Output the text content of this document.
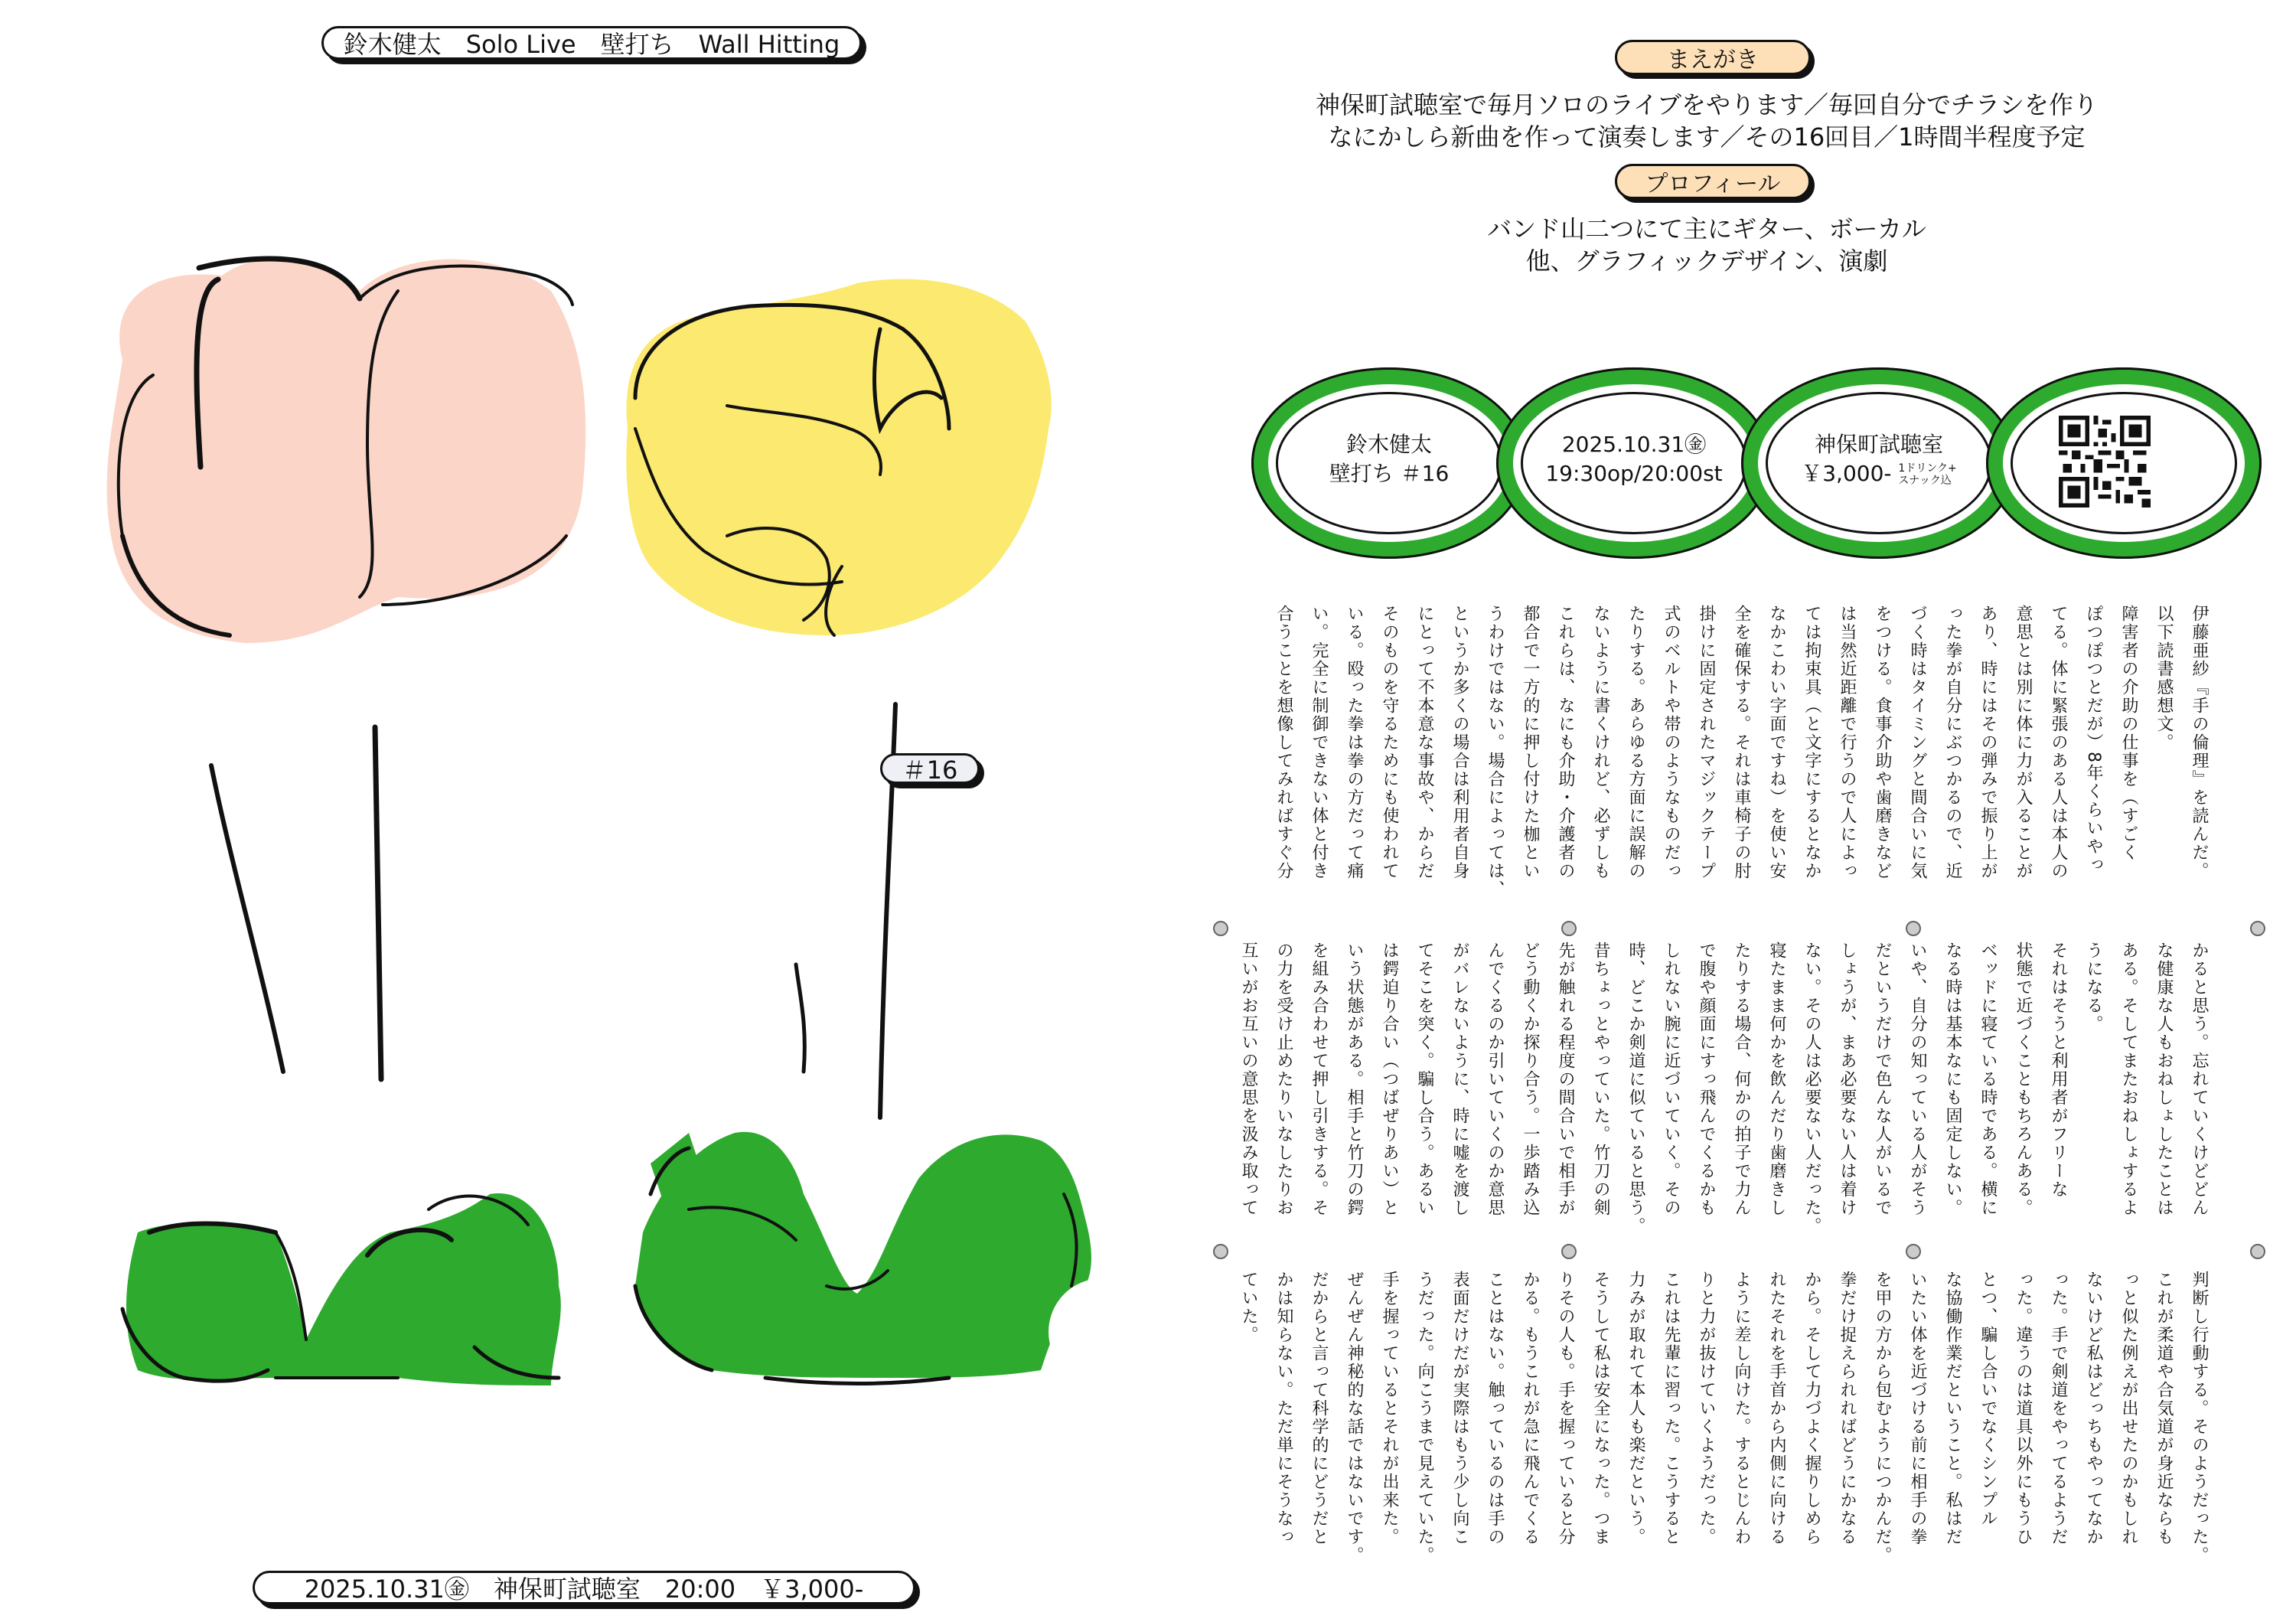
鈴木健太　Solo Live　壁打ち　Wall Hitting
＃16
2025.10.31㊎　神保町試聴室　20:00　￥3,000-
まえがき
神保町試聴室で毎月ソロのライブをやります／毎回自分でチラシを作り
なにかしら新曲を作って演奏します／その16回目／1時間半程度予定
プロフィール
バンド山二つにて主にギター、ボーカル
他、グラフィックデザイン、演劇
鈴木健太
壁打ち ＃16
2025.10.31㊎
19:30op/20:00st
神保町試聴室
￥3,000- 1ドリンク+
スナック込
伊藤亜紗『手の倫理』を読んだ。
以下読書感想文。
障害者の介助の仕事を（すごく
ぽつぽつとだが）8年くらいやっ
てる。体に緊張のある人は本人の
意思とは別に体に力が入ることが
あり、時にはその弾みで振り上が
った拳が自分にぶつかるので、近
づく時はタイミングと間合いに気
をつける。食事介助や歯磨きなど
は当然近距離で行うので人によっ
ては拘束具（と文字にするとなか
なかこわい字面ですね）を使い安
全を確保する。それは車椅子の肘
掛けに固定されたマジックテープ
式のベルトや帯のようなものだっ
たりする。あらゆる方面に誤解の
ないように書くけれど、必ずしも
これらは、なにも介助・介護者の
都合で一方的に押し付けた枷とい
うわけではない。場合によっては、
というか多くの場合は利用者自身
にとって不本意な事故や、からだ
そのものを守るためにも使われて
いる。殴った拳は拳の方だって痛
い。完全に制御できない体と付き
合うことを想像してみればすぐ分
かると思う。忘れていくけどどん
な健康な人もおねしょしたことは
ある。そしてまたおねしょするよ
うになる。
それはそうと利用者がフリーな
状態で近づくこともちろんある。
ベッドに寝ている時である。横に
なる時は基本なにも固定しない。
いや、自分の知っている人がそう
だというだけで色んな人がいるで
しょうが、まあ必要ない人は着け
ない。その人は必要ない人だった。
寝たまま何かを飲んだり歯磨きし
たりする場合、何かの拍子で力ん
で腹や顔面にすっ飛んでくるかも
しれない腕に近づいていく。その
時、どこか剣道に似ていると思う。
昔ちょっとやっていた。竹刀の剣
先が触れる程度の間合いで相手が
どう動くか探り合う。一歩踏み込
んでくるのか引いていくのか意思
がバレないように、時に嘘を渡し
てそこを突く。騙し合う。あるい
は鍔迫り合い（つばぜりあい）と
いう状態がある。相手と竹刀の鍔
を組み合わせて押し引きする。そ
の力を受け止めたりいなしたりお
互いがお互いの意思を汲み取って
判断し行動する。そのようだった。
これが柔道や合気道が身近ならも
っと似た例えが出せたのかもしれ
ないけど私はどっちもやってなか
った。手で剣道をやってるようだ
った。違うのは道具以外にもうひ
とつ、騙し合いでなくシンプル
な協働作業だということ。私はだ
いたい体を近づける前に相手の拳
を甲の方から包むようにつかんだ。
拳だけ捉えられればどうにかなる
から。そして力づよく握りしめら
れたそれを手首から内側に向ける
ように差し向けた。するとじんわ
りと力が抜けていくようだった。
これは先輩に習った。こうすると
力みが取れて本人も楽だという。
そうして私は安全になった。つま
りその人も。手を握っていると分
かる。もうこれが急に飛んでくる
ことはない。触っているのは手の
表面だけだが実際はもう少し向こ
うだった。向こうまで見えていた。
手を握っているとそれが出来た。
ぜんぜん神秘的な話ではないです。
だからと言って科学的にどうだと
かは知らない。ただ単にそうなっ
ていた。
